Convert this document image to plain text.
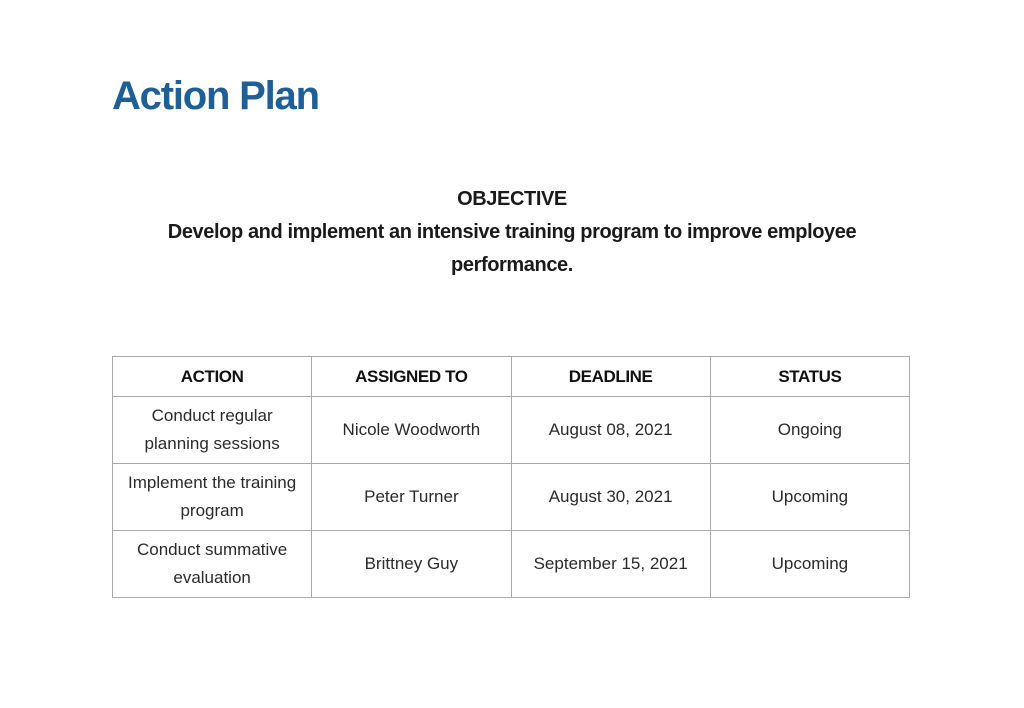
Action Plan
OBJECTIVE
Develop and implement an intensive training program to improve employee performance.
ACTION	ASSIGNED TO	DEADLINE	STATUS
Conduct regular planning sessions	Nicole Woodworth	August 08, 2021	Ongoing
Implement the training program	Peter Turner	August 30, 2021	Upcoming
Conduct summative evaluation	Brittney Guy	September 15, 2021	Upcoming
